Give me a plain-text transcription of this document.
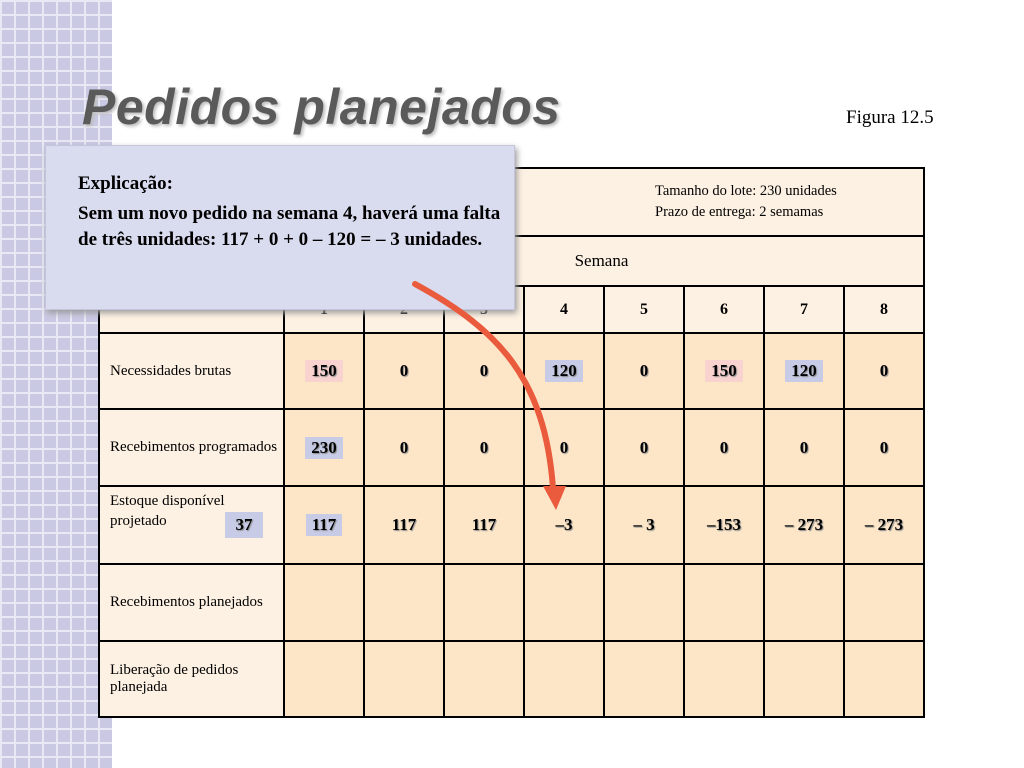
Pedidos planejados	Figura 12.5
Tamanho do lote: 230 unidades
Prazo de entrega: 2 semamas								

Semana								
				4	5	6	7	8
Necessidades brutas	150	0	0	120	0	150	120	0
Recebimentos programados	230	0	0	0	0	0	0	0

Estoque disponível projetado 37	117	117	117	–3	– 3	–153	– 273	– 273
Recebimentos planejados								
Liberação de pedidos planejada								
Explicação:
Sem um novo pedido na semana 4, haverá uma falta de três unidades: 117 + 0 + 0 – 120 = – 3 unidades.
